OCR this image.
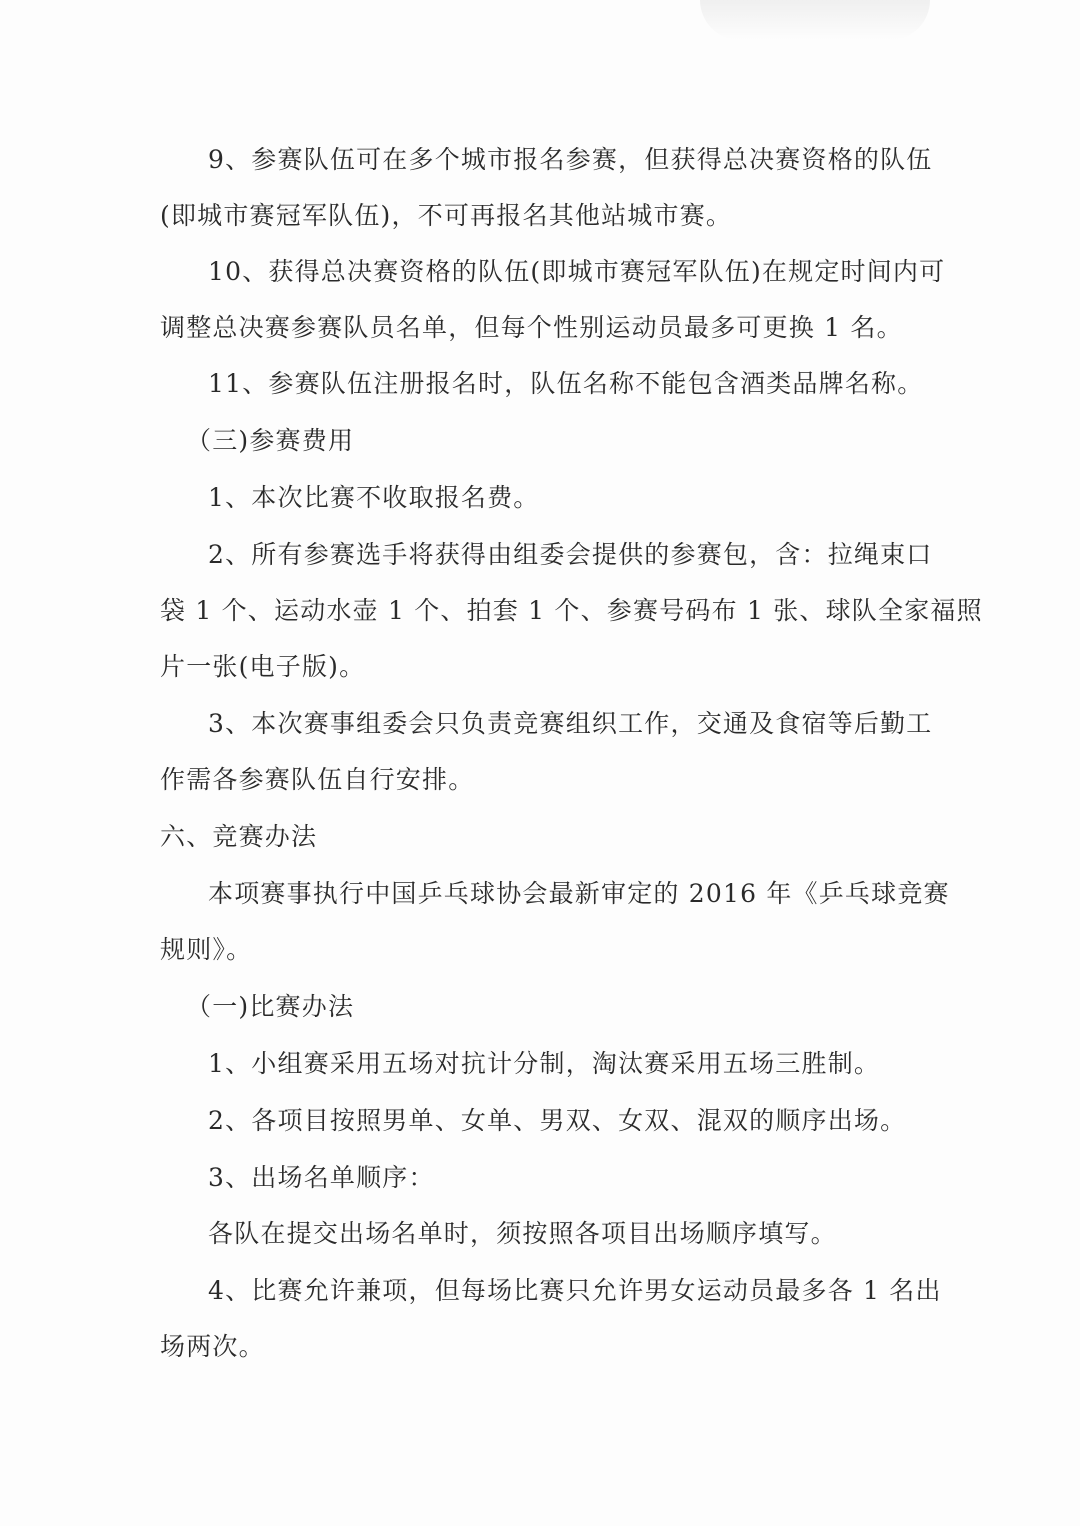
9、参赛队伍可在多个城市报名参赛，但获得总决赛资格的队伍
(即城市赛冠军队伍)，不可再报名其他站城市赛。
10、获得总决赛资格的队伍(即城市赛冠军队伍)在规定时间内可
调整总决赛参赛队员名单，但每个性别运动员最多可更换 1 名。
11、参赛队伍注册报名时，队伍名称不能包含酒类品牌名称。
（三)参赛费用
1、本次比赛不收取报名费。
2、所有参赛选手将获得由组委会提供的参赛包，含：拉绳束口
袋 1 个、运动水壶 1 个、拍套 1 个、参赛号码布 1 张、球队全家福照
片一张(电子版)。
3、本次赛事组委会只负责竞赛组织工作，交通及食宿等后勤工
作需各参赛队伍自行安排。
六、竞赛办法
本项赛事执行中国乒乓球协会最新审定的 2016 年《乒乓球竞赛
规则》。
（一)比赛办法
1、小组赛采用五场对抗计分制，淘汰赛采用五场三胜制。
2、各项目按照男单、女单、男双、女双、混双的顺序出场。
3、出场名单顺序：
各队在提交出场名单时，须按照各项目出场顺序填写。
4、比赛允许兼项，但每场比赛只允许男女运动员最多各 1 名出
场两次。
